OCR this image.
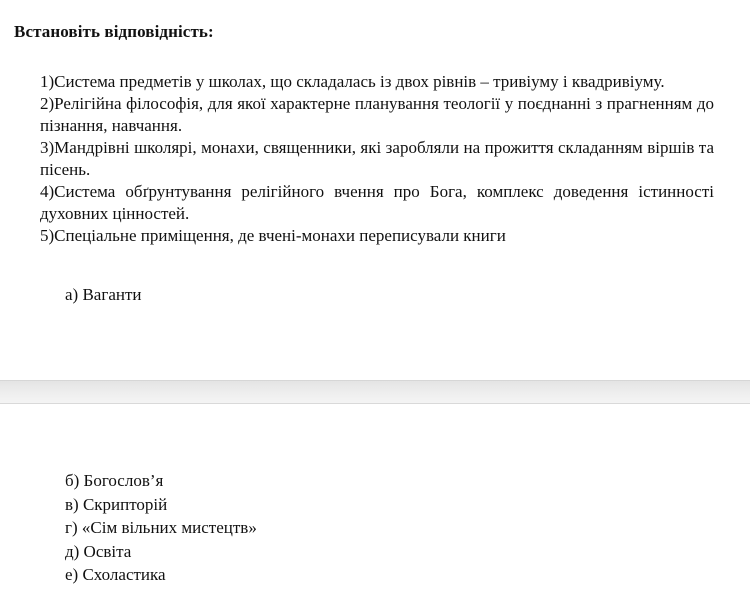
Встановіть відповідність:

1)Система предметів у школах, що складалась із двох рівнів – тривіуму і квадривіуму.

2)Релігійна філософія, для якої характерне планування теології у поєднанні з прагненням до пізнання, навчання.

3)Мандрівні школярі, монахи, священники, які заробляли на прожиття складанням віршів та пісень.

4)Система обґрунтування релігійного вчення про Бога, комплекс доведення істинності духовних цінностей.

5)Спеціальне приміщення, де вчені-монахи переписували книги

а) Ваганти

б) Богослов’я

в) Скрипторій

г) «Сім вільних мистецтв»

д) Освіта

е) Схоластика
